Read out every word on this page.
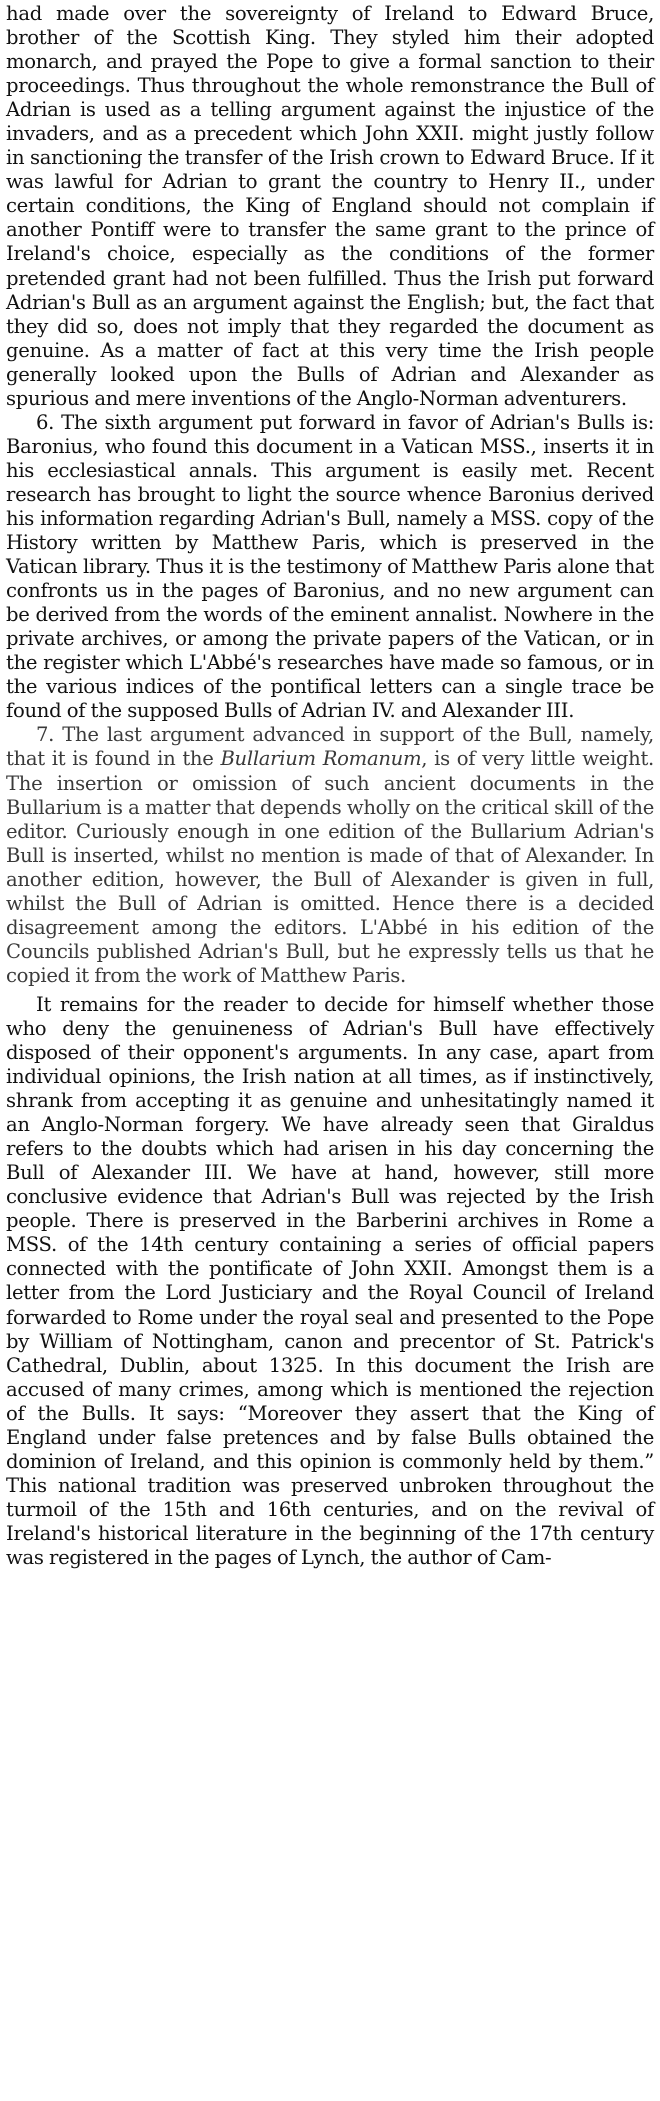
had made over the sovereignty of Ireland to Edward Bruce, brother of the Scottish King. They styled him their adopted monarch, and prayed the Pope to give a formal sanction to their proceedings. Thus throughout the whole remonstrance the Bull of Adrian is used as a telling argument against the injustice of the invaders, and as a precedent which John XXII. might justly follow in sanctioning the transfer of the Irish crown to Edward Bruce. If it was lawful for Adrian to grant the country to Henry II., under certain conditions, the King of England should not complain if another Pontiff were to transfer the same grant to the prince of Ireland's choice, especially as the conditions of the former pretended grant had not been fulfilled. Thus the Irish put forward Adrian's Bull as an argument against the English; but, the fact that they did so, does not imply that they regarded the document as genuine. As a matter of fact at this very time the Irish people generally looked upon the Bulls of Adrian and Alexander as spurious and mere inventions of the Anglo-Norman adventurers.

6. The sixth argument put forward in favor of Adrian's Bulls is: Baronius, who found this document in a Vatican MSS., inserts it in his ecclesiastical annals. This argument is easily met. Recent research has brought to light the source whence Baronius derived his information regarding Adrian's Bull, namely a MSS. copy of the History written by Matthew Paris, which is preserved in the Vatican library. Thus it is the testimony of Matthew Paris alone that confronts us in the pages of Baronius, and no new argument can be derived from the words of the eminent annalist. Nowhere in the private archives, or among the private papers of the Vatican, or in the register which L'Abbé's researches have made so famous, or in the various indices of the pontifical letters can a single trace be found of the supposed Bulls of Adrian IV. and Alexander III.

7. The last argument advanced in support of the Bull, namely, that it is found in the Bullarium Romanum, is of very little weight. The insertion or omission of such ancient documents in the Bullarium is a matter that depends wholly on the critical skill of the editor. Curiously enough in one edition of the Bullarium Adrian's Bull is inserted, whilst no mention is made of that of Alexander. In another edition, however, the Bull of Alexander is given in full, whilst the Bull of Adrian is omitted. Hence there is a decided disagreement among the editors. L'Abbé in his edition of the Councils published Adrian's Bull, but he expressly tells us that he copied it from the work of Matthew Paris.

It remains for the reader to decide for himself whether those who deny the genuineness of Adrian's Bull have effectively disposed of their opponent's arguments. In any case, apart from individual opinions, the Irish nation at all times, as if instinctively, shrank from accepting it as genuine and unhesitatingly named it an Anglo-Norman forgery. We have already seen that Giraldus refers to the doubts which had arisen in his day concerning the Bull of Alexander III. We have at hand, however, still more conclusive evidence that Adrian's Bull was rejected by the Irish people. There is preserved in the Barberini archives in Rome a MSS. of the 14th century containing a series of official papers connected with the pontificate of John XXII. Amongst them is a letter from the Lord Justiciary and the Royal Council of Ireland forwarded to Rome under the royal seal and presented to the Pope by William of Nottingham, canon and precentor of St. Patrick's Cathedral, Dublin, about 1325. In this document the Irish are accused of many crimes, among which is mentioned the rejection of the Bulls. It says: “Moreover they assert that the King of England under false pretences and by false Bulls obtained the dominion of Ireland, and this opinion is commonly held by them.” This national tradition was preserved unbroken throughout the turmoil of the 15th and 16th centuries, and on the revival of Ireland's historical literature in the beginning of the 17th century was registered in the pages of Lynch, the author of Cam-
